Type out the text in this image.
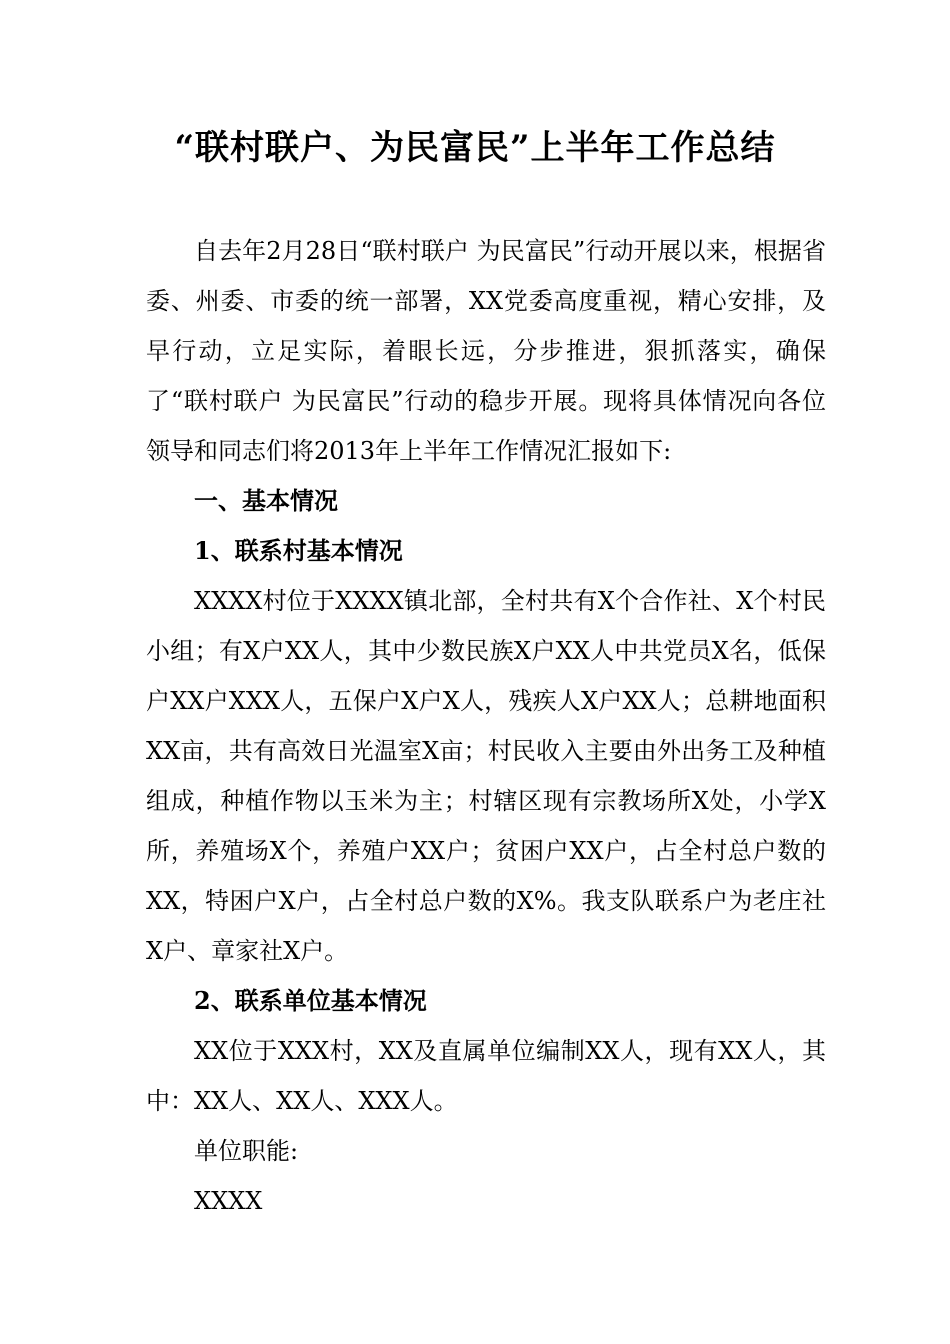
“联村联户、为民富民”上半年工作总结

自去年2月28日“联村联户 为民富民”行动开展以来，根据省委、州委、市委的统一部署，XX党委高度重视，精心安排，及早行动，立足实际，着眼长远，分步推进，狠抓落实，确保了“联村联户 为民富民”行动的稳步开展。现将具体情况向各位领导和同志们将2013年上半年工作情况汇报如下:

一、基本情况

1、联系村基本情况

XXXX村位于XXXX镇北部，全村共有X个合作社、X个村民小组；有X户XX人，其中少数民族X户XX人中共党员X名，低保户XX户XXX人，五保户X户X人，残疾人X户XX人；总耕地面积XX亩，共有高效日光温室X亩；村民收入主要由外出务工及种植组成，种植作物以玉米为主；村辖区现有宗教场所X处，小学X所，养殖场X个，养殖户XX户；贫困户XX户，占全村总户数的XX，特困户X户，占全村总户数的X%。我支队联系户为老庄社X户、章家社X户。

2、联系单位基本情况

XX位于XXX村，XX及直属单位编制XX人，现有XX人，其中：XX人、XX人、XXX人。

单位职能:

XXXX
